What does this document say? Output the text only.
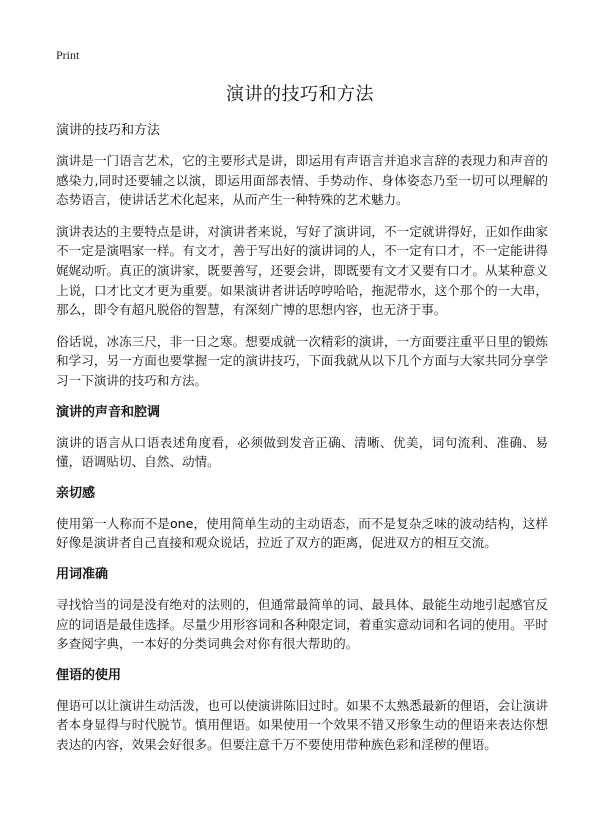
Print
演讲的技巧和方法
演讲的技巧和方法

演讲是一门语言艺术，它的主要形式是讲，即运用有声语言并追求言辞的表现力和声音的感染力,同时还要辅之以演，即运用面部表情、手势动作、身体姿态乃至一切可以理解的态势语言，使讲话艺术化起来，从而产生一种特殊的艺术魅力。

演讲表达的主要特点是讲，对演讲者来说，写好了演讲词，不一定就讲得好，正如作曲家不一定是演唱家一样。有文才，善于写出好的演讲词的人，不一定有口才，不一定能讲得娓娓动听。真正的演讲家，既要善写，还要会讲，即既要有文才又要有口才。从某种意义上说，口才比文才更为重要。如果演讲者讲话哼哼哈哈，拖泥带水，这个那个的一大串，那么，即令有超凡脱俗的智慧，有深刻广博的思想内容，也无济于事。

俗话说，冰冻三尺，非一日之寒。想要成就一次精彩的演讲，一方面要注重平日里的锻炼和学习，另一方面也要掌握一定的演讲技巧，下面我就从以下几个方面与大家共同分享学习一下演讲的技巧和方法。

演讲的声音和腔调

演讲的语言从口语表述角度看，必须做到发音正确、清晰、优美，词句流利、准确、易懂，语调贴切、自然、动情。

亲切感

使用第一人称而不是one，使用简单生动的主动语态，而不是复杂乏味的波动结构，这样好像是演讲者自己直接和观众说话，拉近了双方的距离，促进双方的相互交流。

用词准确

寻找恰当的词是没有绝对的法则的，但通常最简单的词、最具体、最能生动地引起感官反应的词语是最佳选择。尽量少用形容词和各种限定词，着重实意动词和名词的使用。平时多查阅字典，一本好的分类词典会对你有很大帮助的。

俚语的使用

俚语可以让演讲生动活泼，也可以使演讲陈旧过时。如果不太熟悉最新的俚语，会让演讲者本身显得与时代脱节。慎用俚语。如果使用一个效果不错又形象生动的俚语来表达你想表达的内容，效果会好很多。但要注意千万不要使用带种族色彩和淫秽的俚语。
